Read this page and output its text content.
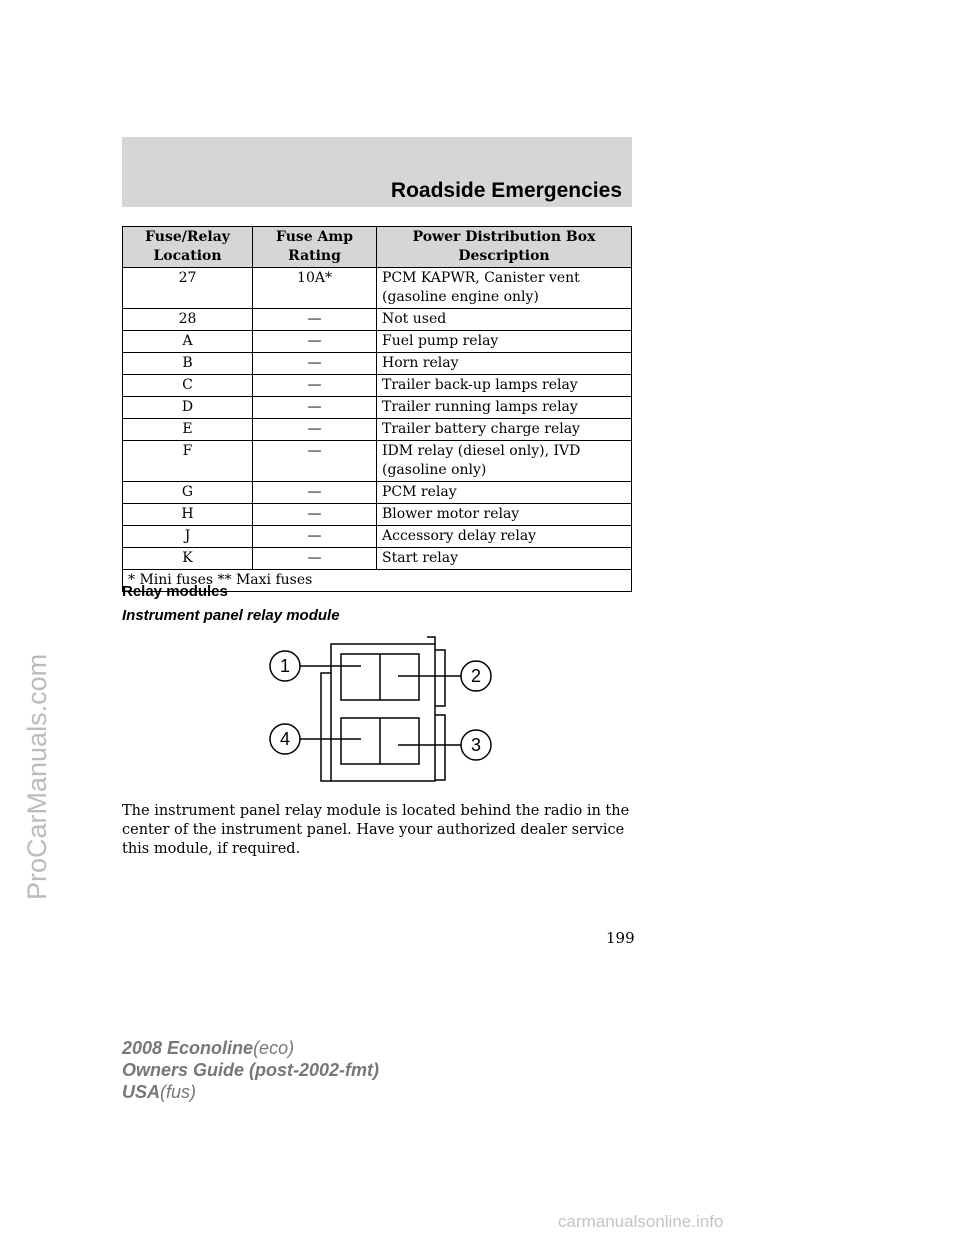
Roadside Emergencies
Fuse/Relay Location	Fuse Amp Rating	Power Distribution Box Description
27	10A*	PCM KAPWR, Canister vent (gasoline engine only)
28	—	Not used
A	—	Fuel pump relay
B	—	Horn relay
C	—	Trailer back-up lamps relay
D	—	Trailer running lamps relay
E	—	Trailer battery charge relay
F	—	IDM relay (diesel only), IVD (gasoline only)
G	—	PCM relay
H	—	Blower motor relay
J	—	Accessory delay relay
K	—	Start relay
* Mini fuses ** Maxi fuses		
Relay modules
Instrument panel relay module
1	2
3
4
The instrument panel relay module is located behind the radio in the center of the instrument panel. Have your authorized dealer service this module, if required.
199
2008 Econoline(eco)
Owners Guide (post-2002-fmt)
USA(fus)
ProCarManuals.com
carmanualsonline.info
